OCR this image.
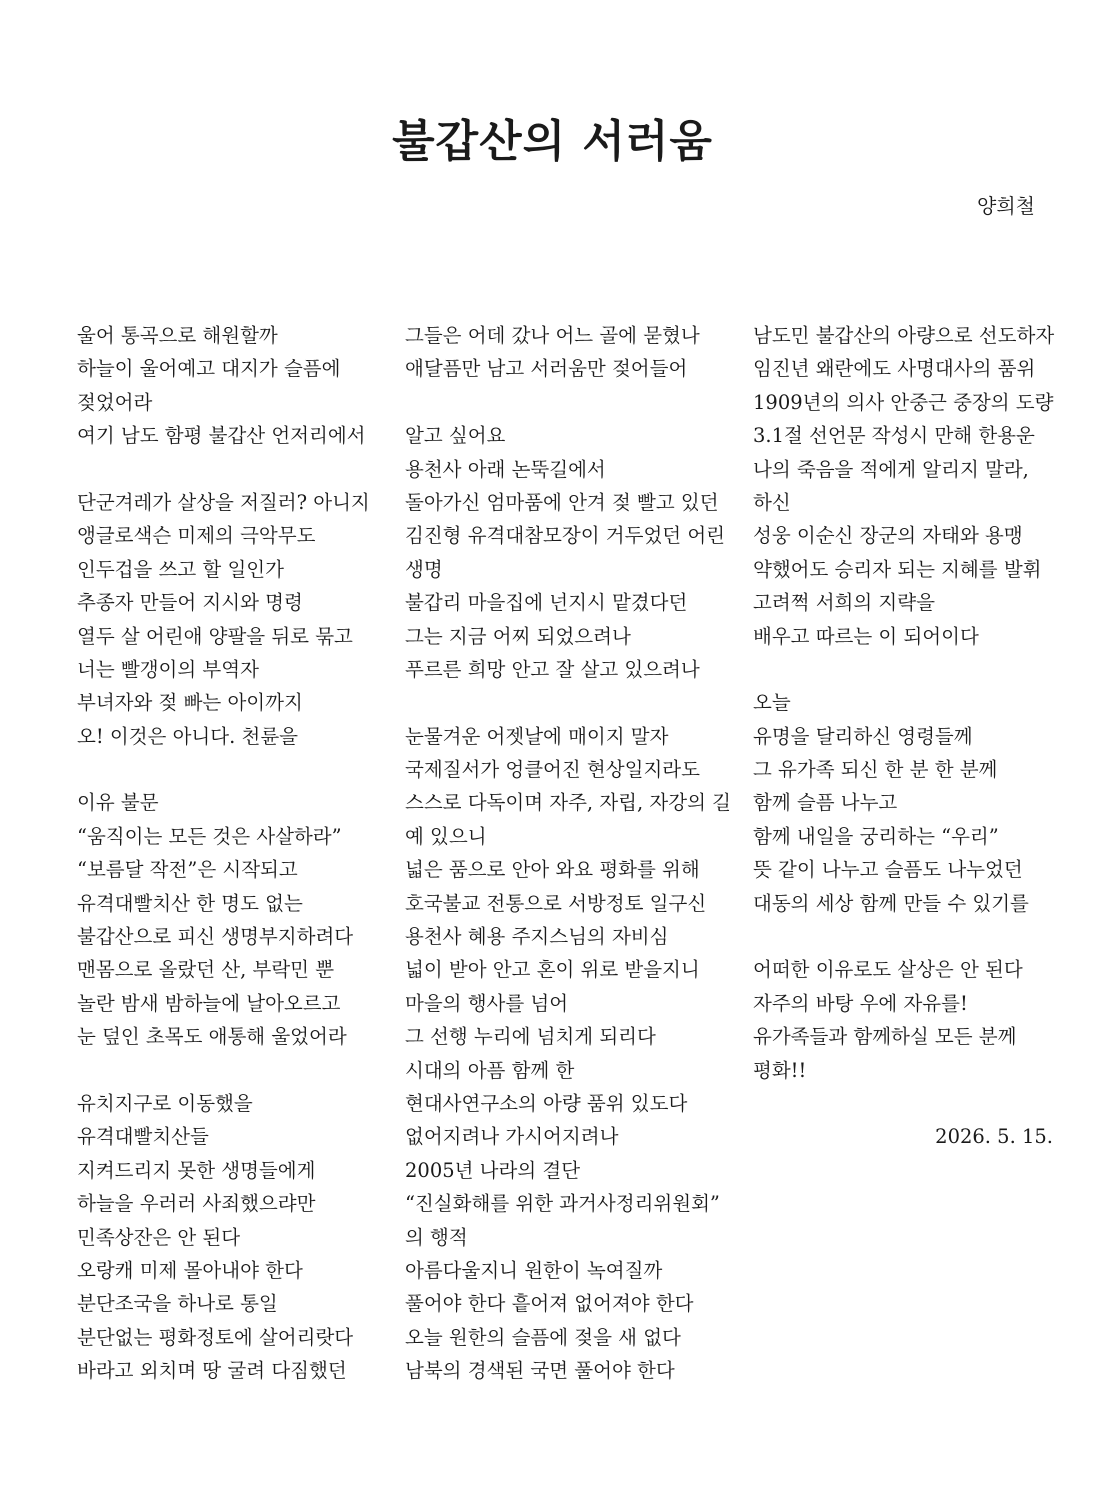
불갑산의 서러움
양희철
울어 통곡으로 해원할까
하늘이 울어예고 대지가 슬픔에
젖었어라
여기 남도 함평 불갑산 언저리에서
단군겨레가 살상을 저질러? 아니지
앵글로색슨 미제의 극악무도
인두겁을 쓰고 할 일인가
추종자 만들어 지시와 명령
열두 살 어린애 양팔을 뒤로 묶고
너는 빨갱이의 부역자
부녀자와 젖 빠는 아이까지
오! 이것은 아니다. 천륜을
이유 불문
“움직이는 모든 것은 사살하라”
“보름달 작전”은 시작되고
유격대빨치산 한 명도 없는
불갑산으로 피신 생명부지하려다
맨몸으로 올랐던 산, 부락민 뿐
놀란 밤새 밤하늘에 날아오르고
눈 덮인 초목도 애통해 울었어라
유치지구로 이동했을
유격대빨치산들
지켜드리지 못한 생명들에게
하늘을 우러러 사죄했으랴만
민족상잔은 안 된다
오랑캐 미제 몰아내야 한다
분단조국을 하나로 통일
분단없는 평화정토에 살어리랏다
바라고 외치며 땅 굴려 다짐했던
그들은 어데 갔나 어느 골에 묻혔나
애달픔만 남고 서러움만 젖어들어
알고 싶어요
용천사 아래 논뚝길에서
돌아가신 엄마품에 안겨 젖 빨고 있던
김진형 유격대참모장이 거두었던 어린
생명
불갑리 마을집에 넌지시 맡겼다던
그는 지금 어찌 되었으려나
푸르른 희망 안고 잘 살고 있으려나
눈물겨운 어젯날에 매이지 말자
국제질서가 엉클어진 현상일지라도
스스로 다독이며 자주, 자립, 자강의 길
예 있으니
넓은 품으로 안아 와요 평화를 위해
호국불교 전통으로 서방정토 일구신
용천사 혜용 주지스님의 자비심
넓이 받아 안고 혼이 위로 받을지니
마을의 행사를 넘어
그 선행 누리에 넘치게 되리다
시대의 아픔 함께 한
현대사연구소의 아량 품위 있도다
없어지려나 가시어지려나
2005년 나라의 결단
“진실화해를 위한 과거사정리위원회”
의 행적
아름다울지니 원한이 녹여질까
풀어야 한다 흩어져 없어져야 한다
오늘 원한의 슬픔에 젖을 새 없다
남북의 경색된 국면 풀어야 한다
남도민 불갑산의 아량으로 선도하자
임진년 왜란에도 사명대사의 품위
1909년의 의사 안중근 중장의 도량
3.1절 선언문 작성시 만해 한용운
나의 죽음을 적에게 알리지 말라,
하신
성웅 이순신 장군의 자태와 용맹
약했어도 승리자 되는 지혜를 발휘
고려쩍 서희의 지략을
배우고 따르는 이 되어이다
오늘
유명을 달리하신 영령들께
그 유가족 되신 한 분 한 분께
함께 슬픔 나누고
함께 내일을 궁리하는 “우리”
뜻 같이 나누고 슬픔도 나누었던
대동의 세상 함께 만들 수 있기를
어떠한 이유로도 살상은 안 된다
자주의 바탕 우에 자유를!
유가족들과 함께하실 모든 분께
평화!!
2026. 5. 15.
